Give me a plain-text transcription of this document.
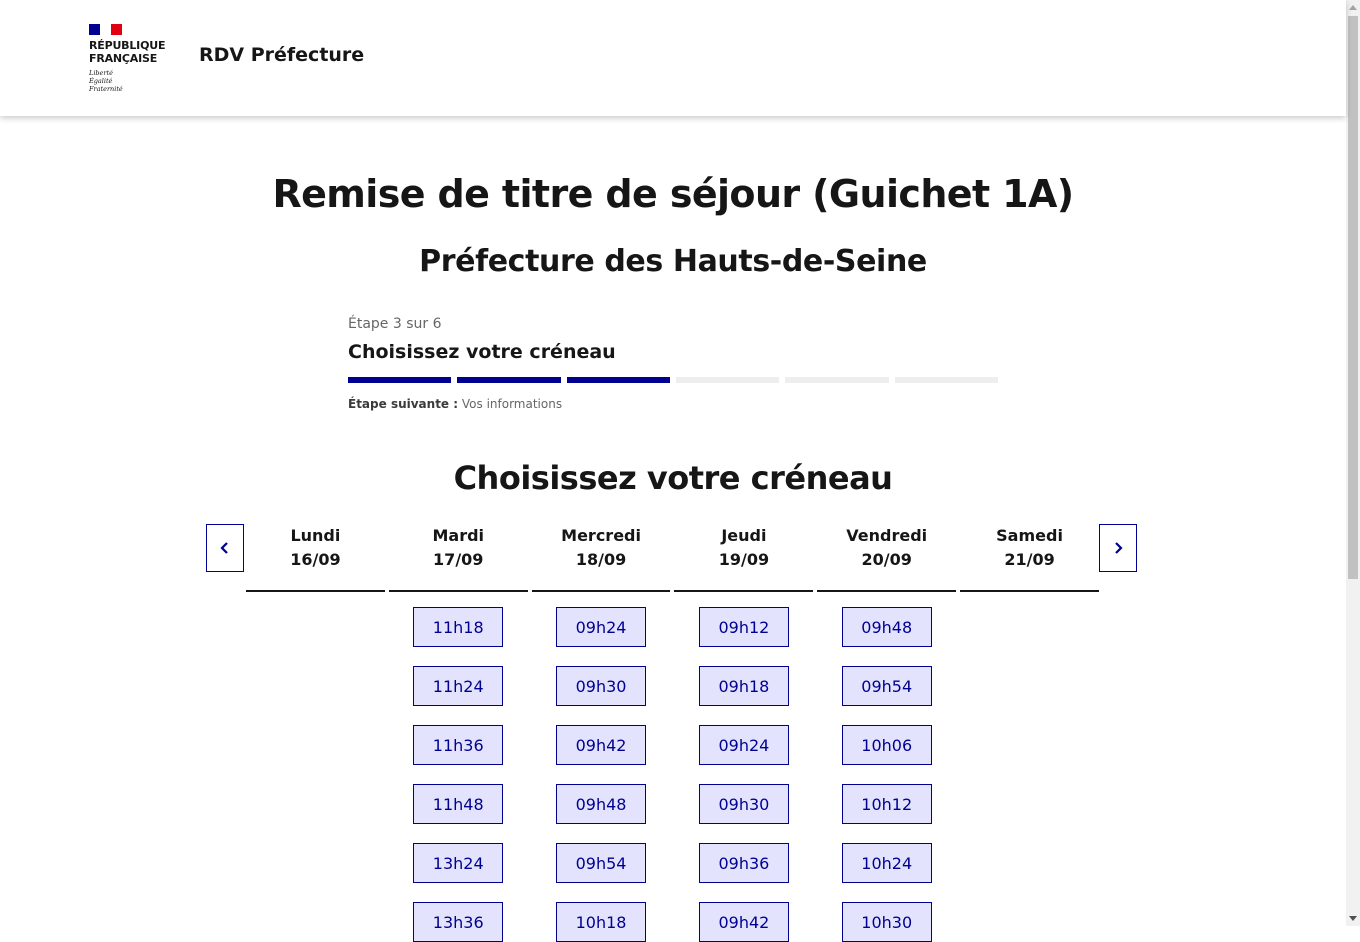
RÉPUBLIQUE
FRANÇAISE
Liberté
Égalité
Fraternité
RDV Préfecture
Remise de titre de séjour (Guichet 1A)
Préfecture des Hauts-de-Seine
Étape 3 sur 6
Choisissez votre créneau
Étape suivante : Vos informations
Choisissez votre créneau
Lundi
16/09
Mardi
17/09
11h18
11h24
11h36
11h48
13h24
13h36
Mercredi
18/09
09h24
09h30
09h42
09h48
09h54
10h18
Jeudi
19/09
09h12
09h18
09h24
09h30
09h36
09h42
Vendredi
20/09
09h48
09h54
10h06
10h12
10h24
10h30
Samedi
21/09
